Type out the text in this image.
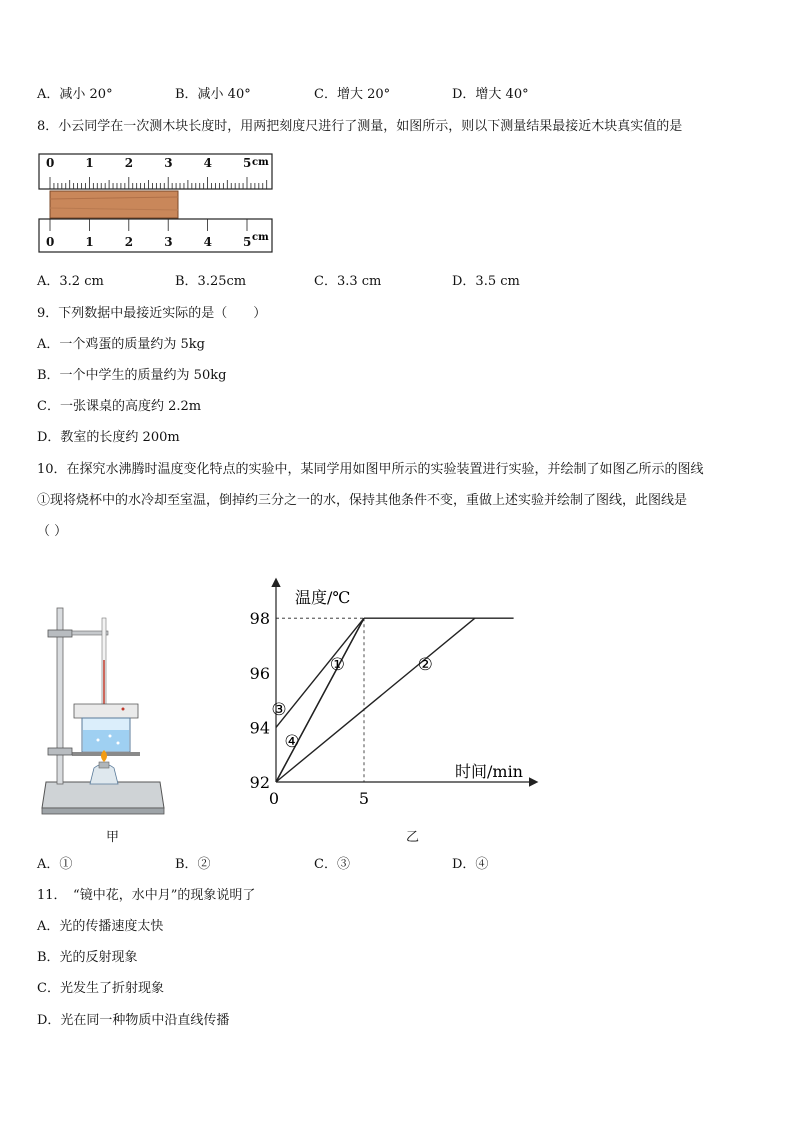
A．减小 20°	B．减小 40°	C．增大 20°	D．增大 40°
8．小云同学在一次测木块长度时，用两把刻度尺进行了测量，如图所示，则以下测量结果最接近木块真实值的是
0	1	2	3	4	5 cm
0	1	2	3	4	5 cm
A．3.2 cm	B．3.25cm	C．3.3 cm	D．3.5 cm
9．下列数据中最接近实际的是（　　）
A．一个鸡蛋的质量约为 5kg
B．一个中学生的质量约为 50kg
C．一张课桌的高度约 2.2m
D．教室的长度约 200m
10．在探究水沸腾时温度变化特点的实验中，某同学用如图甲所示的实验装置进行实验，并绘制了如图乙所示的图线
①现将烧杯中的水冷却至室温，倒掉约三分之一的水，保持其他条件不变，重做上述实验并绘制了图线，此图线是
（ ）
甲
温度/℃
时间/min
①	②
③
④
92
94
96
98
0	5
乙
A．①	B．②	C．③	D．④
11．　“镜中花，水中月”的现象说明了
A．光的传播速度太快
B．光的反射现象
C．光发生了折射现象
D．光在同一种物质中沿直线传播
